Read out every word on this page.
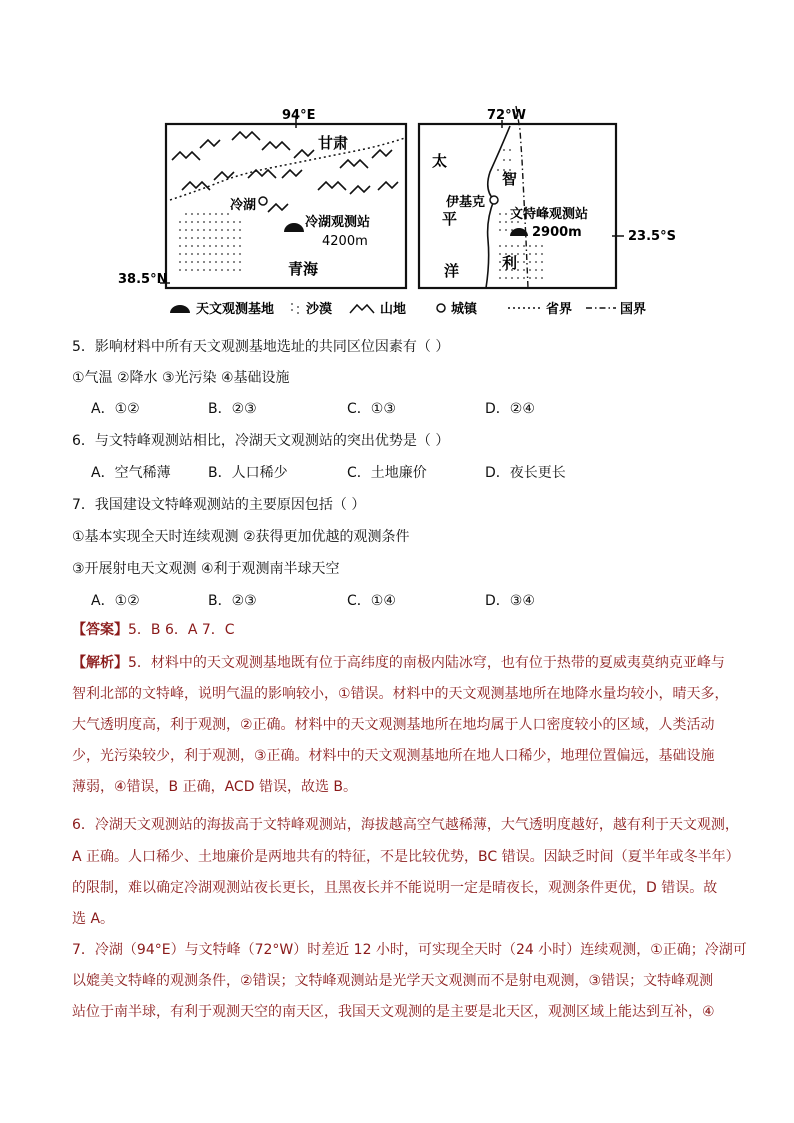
94°E
38.5°N
甘肃
青海
冷湖
冷湖观测站
4200m
72°W
23.5°S
太
平
洋
智
利
伊基克
文特峰观测站
2900m
天文观测基地 沙漠	山地	城镇	省界	国界
5．影响材料中所有天文观测基地选址的共同区位因素有（ ）
①气温 ②降水 ③光污染 ④基础设施
A．①②	B．②③	C．①③	D．②④
6．与文特峰观测站相比，冷湖天文观测站的突出优势是（ ）
A．空气稀薄	B．人口稀少	C．土地廉价	D．夜长更长
7．我国建设文特峰观测站的主要原因包括（ ）
①基本实现全天时连续观测 ②获得更加优越的观测条件
③开展射电天文观测 ④利于观测南半球天空
A．①②	B．②③	C．①④	D．③④
【答案】5．B 6．A 7．C
【解析】5．材料中的天文观测基地既有位于高纬度的南极内陆冰穹，也有位于热带的夏威夷莫纳克亚峰与
智利北部的文特峰，说明气温的影响较小，①错误。材料中的天文观测基地所在地降水量均较小，晴天多，
大气透明度高，利于观测，②正确。材料中的天文观测基地所在地均属于人口密度较小的区域，人类活动
少，光污染较少，利于观测，③正确。材料中的天文观测基地所在地人口稀少，地理位置偏远，基础设施
薄弱，④错误，B 正确，ACD 错误，故选 B。
6．冷湖天文观测站的海拔高于文特峰观测站，海拔越高空气越稀薄，大气透明度越好，越有利于天文观测，
A 正确。人口稀少、土地廉价是两地共有的特征，不是比较优势，BC 错误。因缺乏时间（夏半年或冬半年）
的限制，难以确定冷湖观测站夜长更长，且黑夜长并不能说明一定是晴夜长，观测条件更优，D 错误。故
选 A。
7．冷湖（94°E）与文特峰（72°W）时差近 12 小时，可实现全天时（24 小时）连续观测，①正确；冷湖可
以媲美文特峰的观测条件，②错误；文特峰观测站是光学天文观测而不是射电观测，③错误；文特峰观测
站位于南半球，有利于观测天空的南天区，我国天文观测的是主要是北天区，观测区域上能达到互补，④
